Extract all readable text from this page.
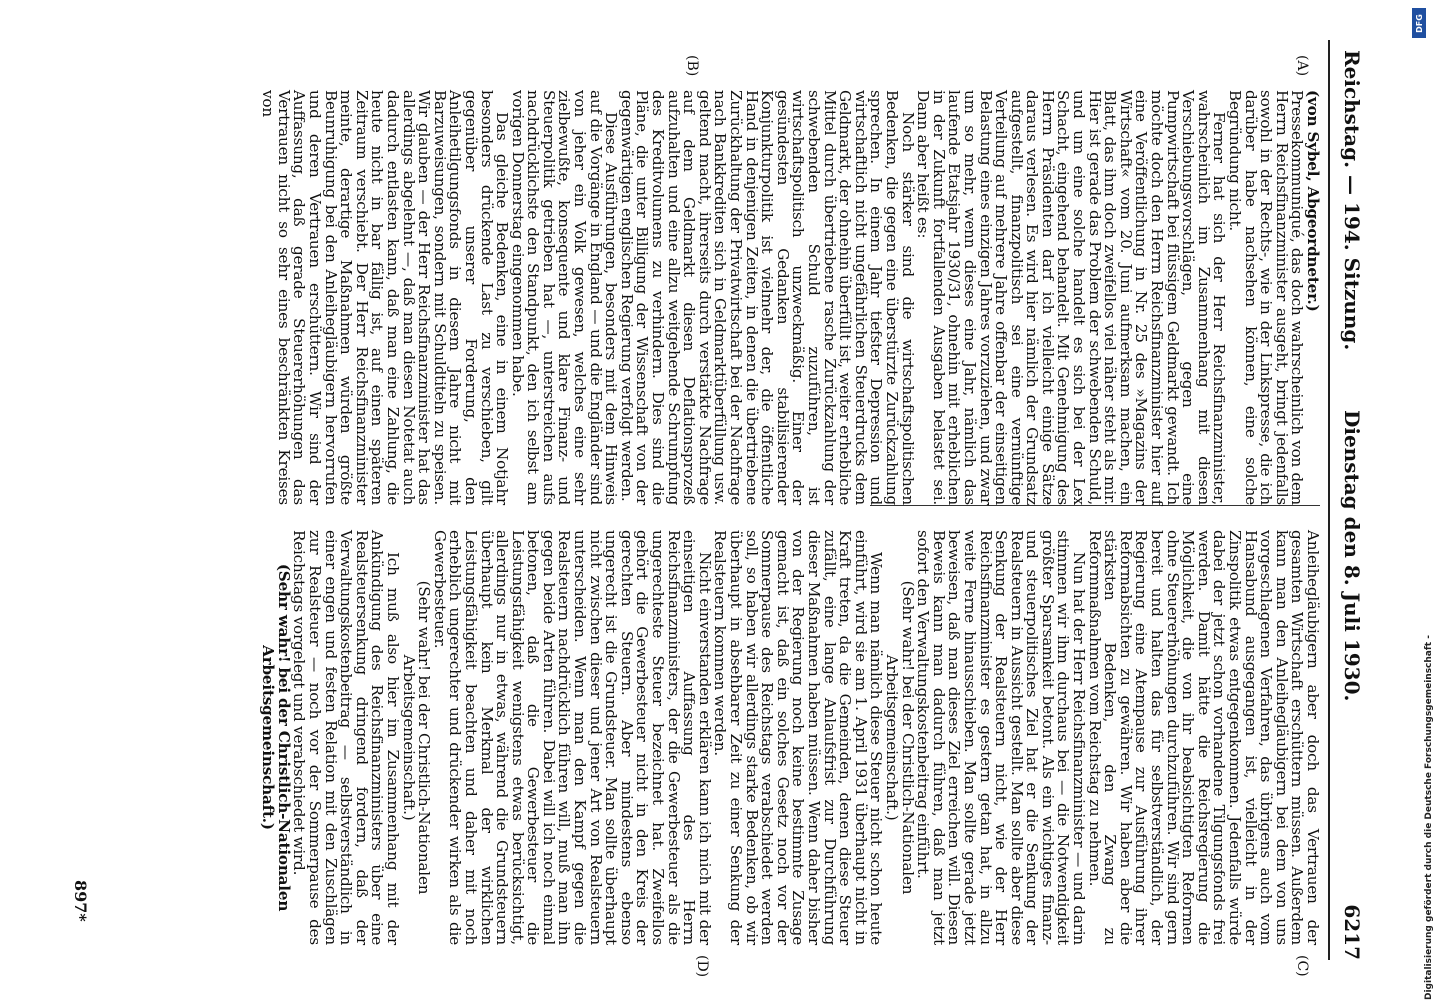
Reichstag. — 194. Sitzung.
Dienstag den 8. Juli 1930.
6217

(von Sybel, Abgeordneter.)

Pressekommuniqué, das doch wahrscheinlich von dem Herrn Reichsfinanzminister ausgeht, bringt jedenfalls sowohl in der Rechts-, wie in der Linkspresse, die ich darüber habe nachsehen können, eine solche Begründung nicht.

Ferner hat sich der Herr Reichsfinanzminister, wahrscheinlich im Zusammenhang mit diesen Verschiebungsvorschlägen, gegen eine Pumpwirtschaft bei flüssigem Geldmarkt gewandt. Ich möchte doch den Herrn Reichsfinanzminister hier auf eine Veröffentlichung in Nr. 25 des »Magazins der Wirtschaft« vom 20. Juni aufmerksam machen, ein Blatt, das ihm doch zweifellos viel näher steht als mir. Hier ist gerade das Problem der schwebenden Schuld, und um eine solche handelt es sich bei der Lex Schacht, eingehend behandelt. Mit Genehmigung des Herrn Präsidenten darf ich vielleicht einige Sätze daraus verlesen. Es wird hier nämlich der Grundsatz aufgestellt, finanzpolitisch sei eine vernünftige Verteilung auf mehrere Jahre offenbar der einseitigen Belastung eines einzigen Jahres vorzuziehen, und zwar um so mehr, wenn dieses eine Jahr, nämlich das laufende Etatsjahr 1930/31, ohnehin mit erheblichen in der Zukunft fortfallenden Ausgaben belastet sei. Dann aber heißt es:

Noch stärker sind die wirtschaftspolitischen Bedenken, die gegen eine überstürzte Zurückzahlung sprechen. In einem Jahr tiefster Depression und wirtschaftlich nicht ungefährlichen Steuerdrucks dem Geldmarkt, der ohnehin überfüllt ist, weiter erhebliche Mittel durch übertriebene rasche Zurückzahlung der schwebenden Schuld zuzuführen, ist wirtschaftspolitisch unzweckmäßig. Einer der gesündesten Gedanken stabilisierender Konjunkturpolitik ist vielmehr der, die öffentliche Hand in denjenigen Zeiten, in denen die übertriebene Zurückhaltung der Privatwirtschaft bei der Nachfrage nach Bankkrediten sich in Geldmarktüberfüllung usw. geltend macht, ihrerseits durch verstärkte Nachfrage auf dem Geldmarkt diesen Deflationsprozeß aufzuhalten und eine allzu weitgehende Schrumpfung des Kreditvolumens zu verhindern. Dies sind die Pläne, die unter Billigung der Wissenschaft von der gegenwärtigen englischen Regierung verfolgt werden.

Diese Ausführungen, besonders mit dem Hinweis auf die Vorgänge in England — und die Engländer sind von jeher ein Volk gewesen, welches eine sehr zielbewußte, konsequente und klare Finanz- und Steuerpolitik getrieben hat —, unterstreichen aufs nachdrücklichste den Standpunkt, den ich selbst am vorigen Donnerstag eingenommen habe.

Das gleiche Bedenken, eine in einem Notjahr besonders drückende Last zu verschieben, gilt gegenüber unserer Forderung, den Anleihetilgungsfonds in diesem Jahre nicht mit Barzuweisungen, sondern mit Schuldtiteln zu speisen. Wir glauben — der Herr Reichsfinanzminister hat das allerdings abgelehnt —, daß man diesen Notetat auch dadurch entlasten kann, daß man eine Zahlung, die heute nicht in bar fällig ist, auf einen späteren Zeitraum verschiebt. Der Herr Reichsfinanzminister meinte, derartige Maßnahmen würden größte Beunruhigung bei den Anleihegläubigern hervorrufen und deren Vertrauen erschüttern. Wir sind der Auffassung, daß gerade Steuererhöhungen das Vertrauen nicht so sehr eines beschränkten Kreises von

Anleihegläubigern aber doch das Vertrauen der gesamten Wirtschaft erschüttern müssen. Außerdem kann man den Anleihegläubigern bei dem von uns vorgeschlagenen Verfahren, das übrigens auch vom Hansabund ausgegangen ist, vielleicht in der Zinspolitik etwas entgegenkommen. Jedenfalls würde dabei der jetzt schon vorhandene Tilgungsfonds frei werden. Damit hätte die Reichsregierung die Möglichkeit, die von ihr beabsichtigten Reformen ohne Steuererhöhungen durchzuführen. Wir sind gern bereit und halten das für selbstverständlich, der Regierung eine Atempause zur Ausführung ihrer Reformabsichten zu gewähren. Wir haben aber die stärksten Bedenken, den Zwang zu Reformmaßnahmen vom Reichstag zu nehmen.

Nun hat der Herr Reichsfinanzminister — und darin stimmen wir ihm durchaus bei — die Notwendigkeit größter Sparsamkeit betont. Als ein wichtiges finanz- und steuerpolitisches Ziel hat er die Senkung der Realsteuern in Aussicht gestellt. Man sollte aber diese Senkung der Realsteuern nicht, wie der Herr Reichsfinanzminister es gestern getan hat, in allzu weite Ferne hinausschieben. Man sollte gerade jetzt beweisen, daß man dieses Ziel erreichen will. Diesen Beweis kann man dadurch führen, daß man jetzt sofort den Verwaltungskostenbeitrag einführt.

(Sehr wahr! bei der Christlich-Nationalen Arbeitsgemeinschaft.)

Wenn man nämlich diese Steuer nicht schon heute einführt, wird sie am 1. April 1931 überhaupt nicht in Kraft treten, da die Gemeinden, denen diese Steuer zufällt, eine lange Anlaufsfrist zur Durchführung dieser Maßnahmen haben müssen. Wenn daher bisher von der Regierung noch keine bestimmte Zusage gemacht ist, daß ein solches Gesetz noch vor der Sommerpause des Reichstags verabschiedet werden soll, so haben wir allerdings starke Bedenken, ob wir überhaupt in absehbarer Zeit zu einer Senkung der Realsteuern kommen werden.

Nicht einverstanden erklären kann ich mich mit der einseitigen Auffassung des Herrn Reichsfinanzministers, der die Gewerbesteuer als die ungerechteste Steuer bezeichnet hat. Zweifellos gehört die Gewerbesteuer nicht in den Kreis der gerechten Steuern. Aber mindestens ebenso ungerecht ist die Grundsteuer. Man sollte überhaupt nicht zwischen dieser und jener Art von Realsteuern unterscheiden. Wenn man den Kampf gegen die Realsteuern nachdrücklich führen will, muß man ihn gegen beide Arten führen. Dabei will ich noch einmal betonen, daß die Gewerbesteuer die Leistungsfähigkeit wenigstens etwas berücksichtigt, allerdings nur in etwas, während die Grundsteuern überhaupt kein Merkmal der wirklichen Leistungsfähigkeit beachten und daher mit noch erheblich ungerechter und drückender wirken als die Gewerbesteuer.

(Sehr wahr! bei der Christlich-Nationalen Arbeitsgemeinschaft.)

Ich muß also hier im Zusammenhang mit der Ankündigung des Reichsfinanzministers über eine Realsteuersenkung dringend fordern, daß der Verwaltungskostenbeitrag — selbstverständlich in einer engen und festen Relation mit den Zuschlägen zur Realsteuer — noch vor der Sommerpause des Reichstags vorgelegt und verabschiedet wird.

(Sehr wahr! bei der Christlich-Nationalen Arbeitsgemeinschaft.)

(A)
(B)
(C)
(D)
897*
DFG
Digitalisierung gefördert durch die Deutsche Forschungsgemeinschaft -
